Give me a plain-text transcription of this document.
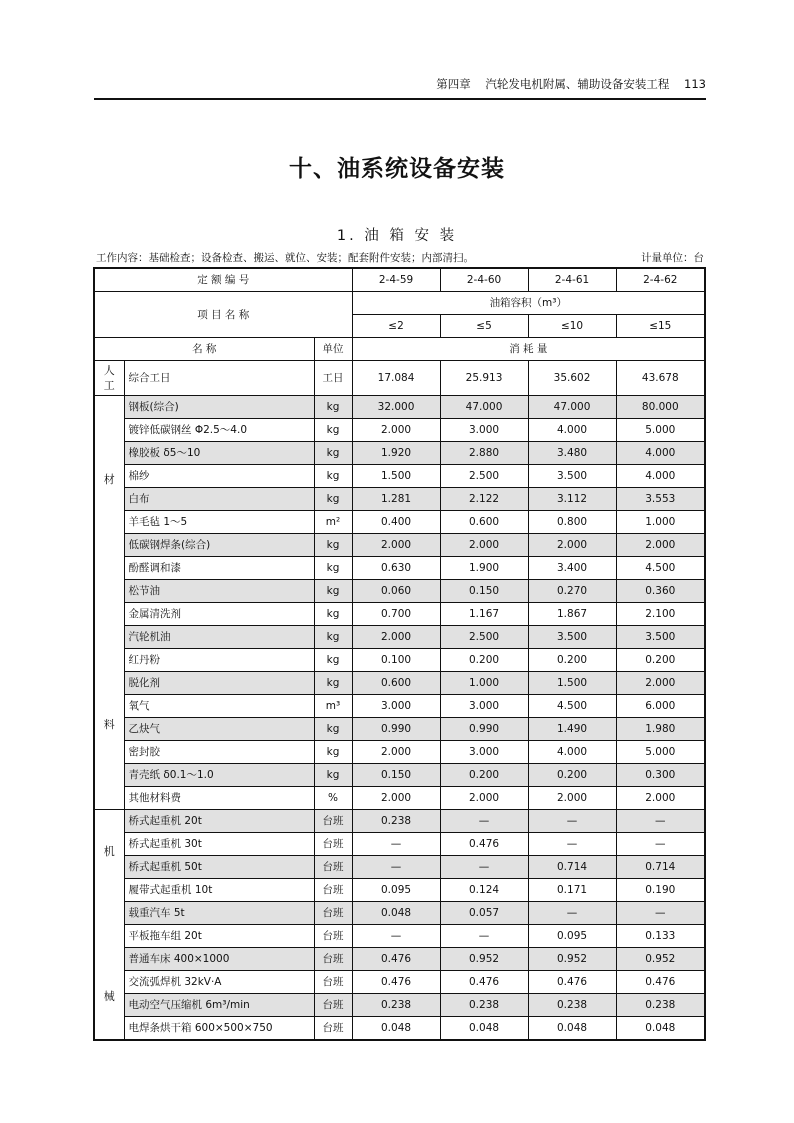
第四章 汽轮发电机附属、辅助设备安装工程 113
十、油系统设备安装
1. 油 箱 安 装
工作内容：基础检查；设备检查、搬运、就位、安装；配套附件安装；内部清扫。	计量单位：台
定 额 编 号			2-4-59	2-4-60	2-4-61	2-4-62
项 目 名 称			油箱容积（m³）			
			≤2	≤5	≤10	≤15
名 称		单位	消 耗 量			

人工	综合工日	工日	17.084	25.913	35.602	43.678

材
料	钢板(综合)	kg	32.000	47.000	47.000	80.000
	镀锌低碳钢丝 Φ2.5～4.0	kg	2.000	3.000	4.000	5.000
	橡胶板 δ5～10	kg	1.920	2.880	3.480	4.000
	棉纱	kg	1.500	2.500	3.500	4.000
	白布	kg	1.281	2.122	3.112	3.553
	羊毛毡 1～5	m²	0.400	0.600	0.800	1.000
	低碳钢焊条(综合)	kg	2.000	2.000	2.000	2.000
	酚醛调和漆	kg	0.630	1.900	3.400	4.500
	松节油	kg	0.060	0.150	0.270	0.360
	金属清洗剂	kg	0.700	1.167	1.867	2.100
	汽轮机油	kg	2.000	2.500	3.500	3.500
	红丹粉	kg	0.100	0.200	0.200	0.200
	脱化剂	kg	0.600	1.000	1.500	2.000
	氧气	m³	3.000	3.000	4.500	6.000
	乙炔气	kg	0.990	0.990	1.490	1.980
	密封胶	kg	2.000	3.000	4.000	5.000
	青壳纸 δ0.1～1.0	kg	0.150	0.200	0.200	0.300
	其他材料费	%	2.000	2.000	2.000	2.000

机
械	桥式起重机 20t	台班	0.238	—	—	—
	桥式起重机 30t	台班	—	0.476	—	—
	桥式起重机 50t	台班	—	—	0.714	0.714
	履带式起重机 10t	台班	0.095	0.124	0.171	0.190
	载重汽车 5t	台班	0.048	0.057	—	—
	平板拖车组 20t	台班	—	—	0.095	0.133
	普通车床 400×1000	台班	0.476	0.952	0.952	0.952
	交流弧焊机 32kV·A	台班	0.476	0.476	0.476	0.476
	电动空气压缩机 6m³/min	台班	0.238	0.238	0.238	0.238
	电焊条烘干箱 600×500×750	台班	0.048	0.048	0.048	0.048
